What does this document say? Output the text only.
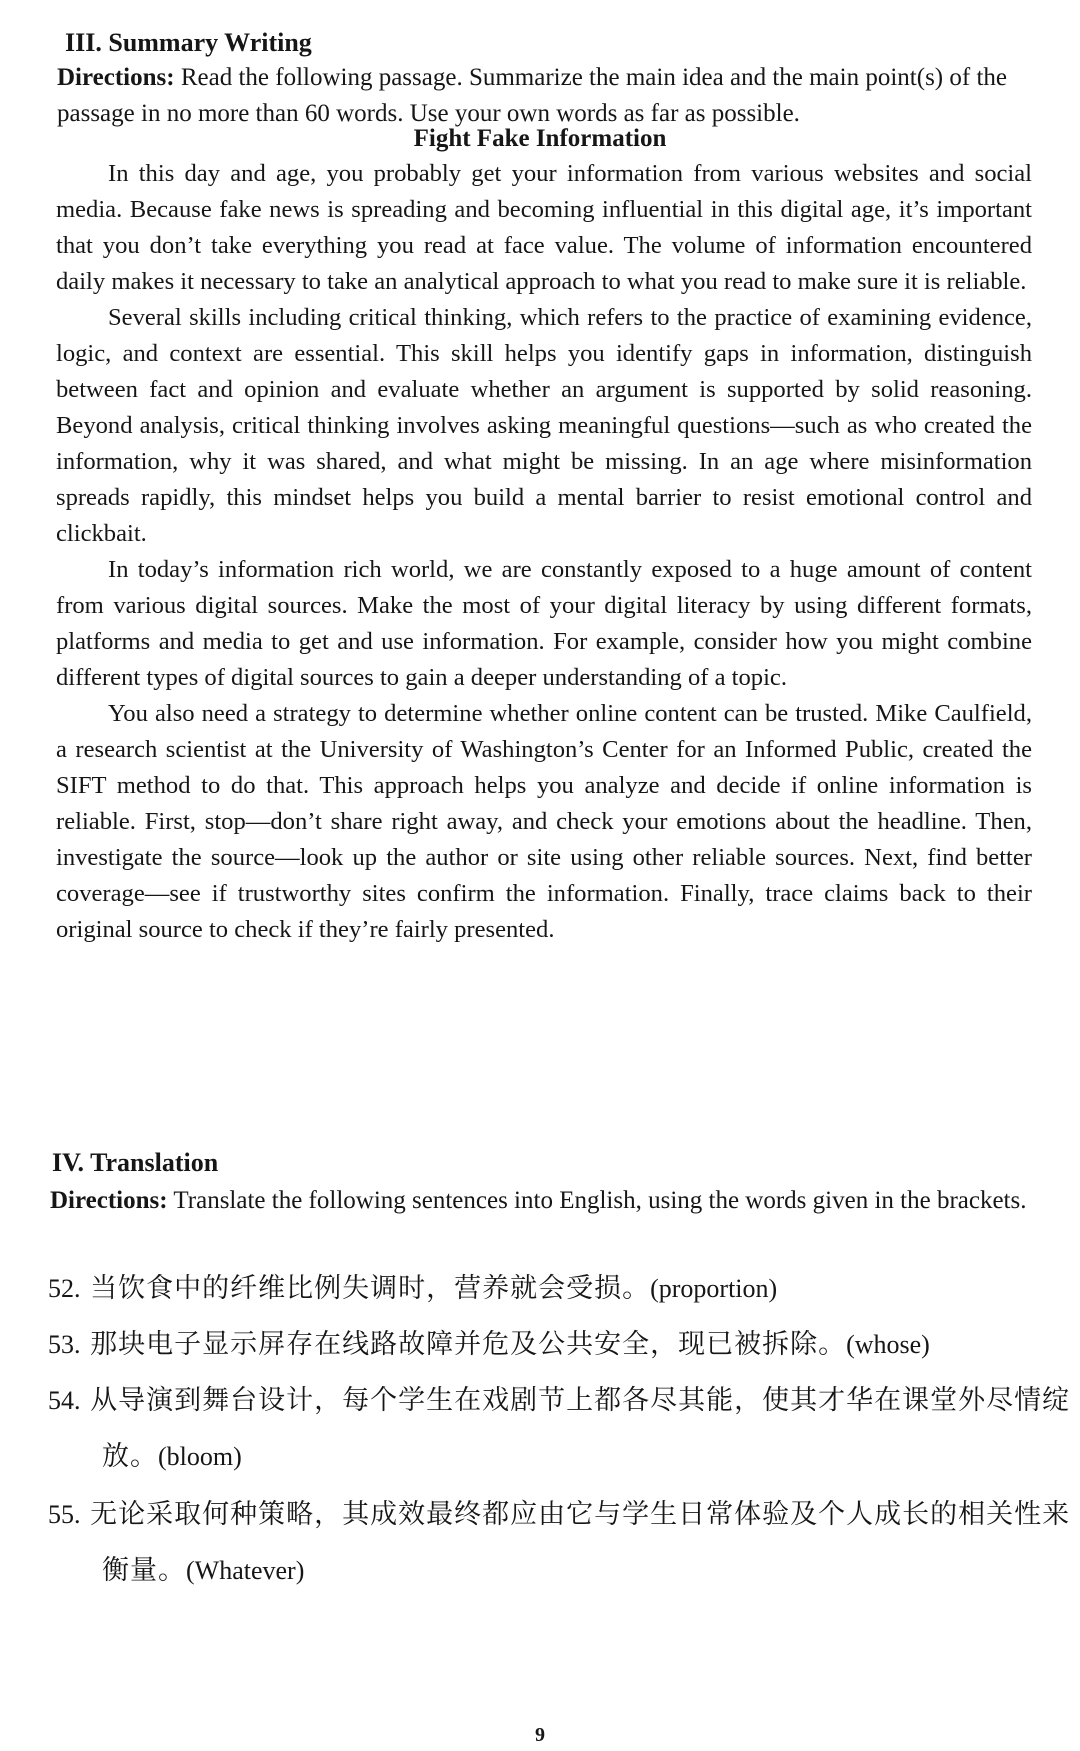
III. Summary Writing

Directions: Read the following passage. Summarize the main idea and the main point(s) of the passage in no more than 60 words. Use your own words as far as possible.

Fight Fake Information

In this day and age, you probably get your information from various websites and social media. Because fake news is spreading and becoming influential in this digital age, it’s important that you don’t take everything you read at face value. The volume of information encountered daily makes it necessary to take an analytical approach to what you read to make sure it is reliable.

Several skills including critical thinking, which refers to the practice of examining evidence, logic, and context are essential. This skill helps you identify gaps in information, distinguish between fact and opinion and evaluate whether an argument is supported by solid reasoning. Beyond analysis, critical thinking involves asking meaningful questions—such as who created the information, why it was shared, and what might be missing. In an age where misinformation spreads rapidly, this mindset helps you build a mental barrier to resist emotional control and clickbait.

In today’s information rich world, we are constantly exposed to a huge amount of content from various digital sources. Make the most of your digital literacy by using different formats, platforms and media to get and use information. For example, consider how you might combine different types of digital sources to gain a deeper understanding of a topic.

You also need a strategy to determine whether online content can be trusted. Mike Caulfield, a research scientist at the University of Washington’s Center for an Informed Public, created the SIFT method to do that. This approach helps you analyze and decide if online information is reliable. First, stop—don’t share right away, and check your emotions about the headline. Then, investigate the source—look up the author or site using other reliable sources. Next, find better coverage—see if trustworthy sites confirm the information. Finally, trace claims back to their original source to check if they’re fairly presented.

IV. Translation

Directions: Translate the following sentences into English, using the words given in the brackets.

52. 当饮食中的纤维比例失调时，营养就会受损。(proportion)

53. 那块电子显示屏存在线路故障并危及公共安全，现已被拆除。(whose)

54. 从导演到舞台设计，每个学生在戏剧节上都各尽其能，使其才华在课堂外尽情绽放。(bloom)

55. 无论采取何种策略，其成效最终都应由它与学生日常体验及个人成长的相关性来衡量。(Whatever)

9
